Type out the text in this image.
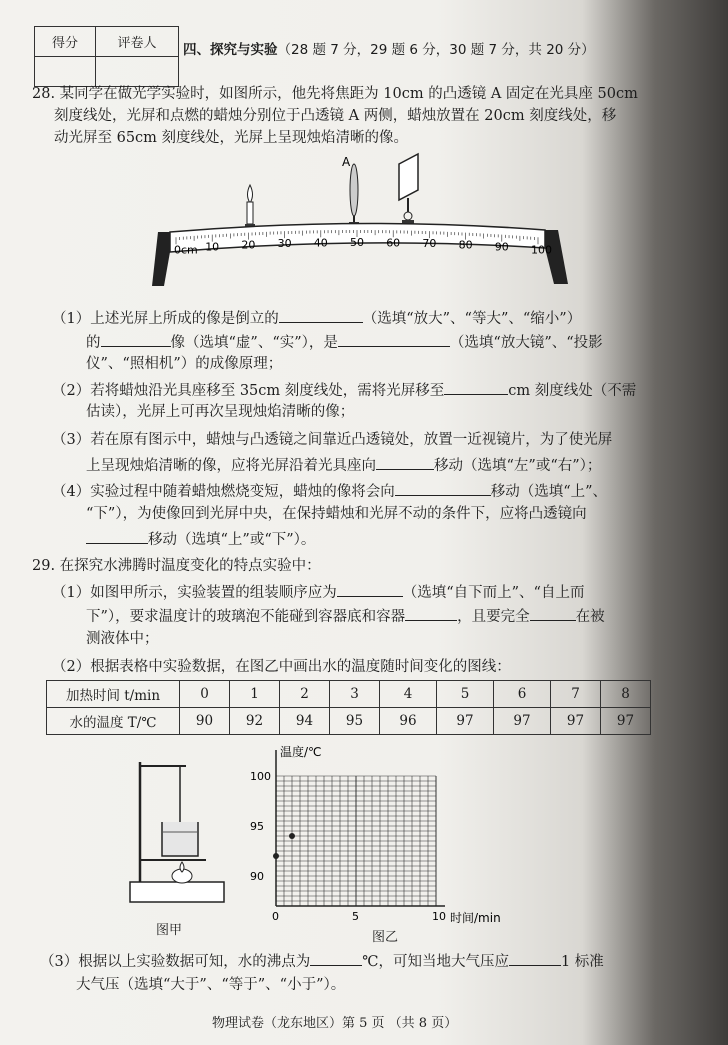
得分	评卷人
	四、探究与实验（28 题 7 分，29 题 6 分，30 题 7 分，共 20 分）
28. 某同学在做光学实验时，如图所示，他先将焦距为 10cm 的凸透镜 A 固定在光具座 50cm
刻度线处，光屏和点燃的蜡烛分别位于凸透镜 A 两侧，蜡烛放置在 20cm 刻度线处，移
动光屏至 65cm 刻度线处，光屏上呈现烛焰清晰的像。
A
0cm 10 20 30 40 50 60 70 80 90 100
（1）上述光屏上所成的像是倒立的	（选填“放大”、“等大”、“缩小”）
的	像（选填“虚”、“实”），是	（选填“放大镜”、“投影
仪”、“照相机”）的成像原理；
（2）若将蜡烛沿光具座移至 35cm 刻度线处，需将光屏移至	cm 刻度线处（不需
估读），光屏上可再次呈现烛焰清晰的像；
（3）若在原有图示中，蜡烛与凸透镜之间靠近凸透镜处，放置一近视镜片，为了使光屏
上呈现烛焰清晰的像，应将光屏沿着光具座向	移动（选填“左”或“右”）；
（4）实验过程中随着蜡烛燃烧变短，蜡烛的像将会向	移动（选填“上”、
“下”），为使像回到光屏中央，在保持蜡烛和光屏不动的条件下，应将凸透镜向
移动（选填“上”或“下”）。
29. 在探究水沸腾时温度变化的特点实验中：
（1）如图甲所示，实验装置的组装顺序应为	（选填“自下而上”、“自上而
下”），要求温度计的玻璃泡不能碰到容器底和容器	，且要完全	在被
测液体中；
（2）根据表格中实验数据，在图乙中画出水的温度随时间变化的图线：
加热时间 t/min	0	1	2	3	4	5	6	7	8
水的温度 T/℃	90	92	94	95	96	97	97	97	97
图甲
温度/℃
时间/min
0	5	10
90
95
100
图乙
（3）根据以上实验数据可知，水的沸点为	℃，可知当地大气压应	1 标准
大气压（选填“大于”、“等于”、“小于”）。
物理试卷（龙东地区）第 5 页 （共 8 页）
